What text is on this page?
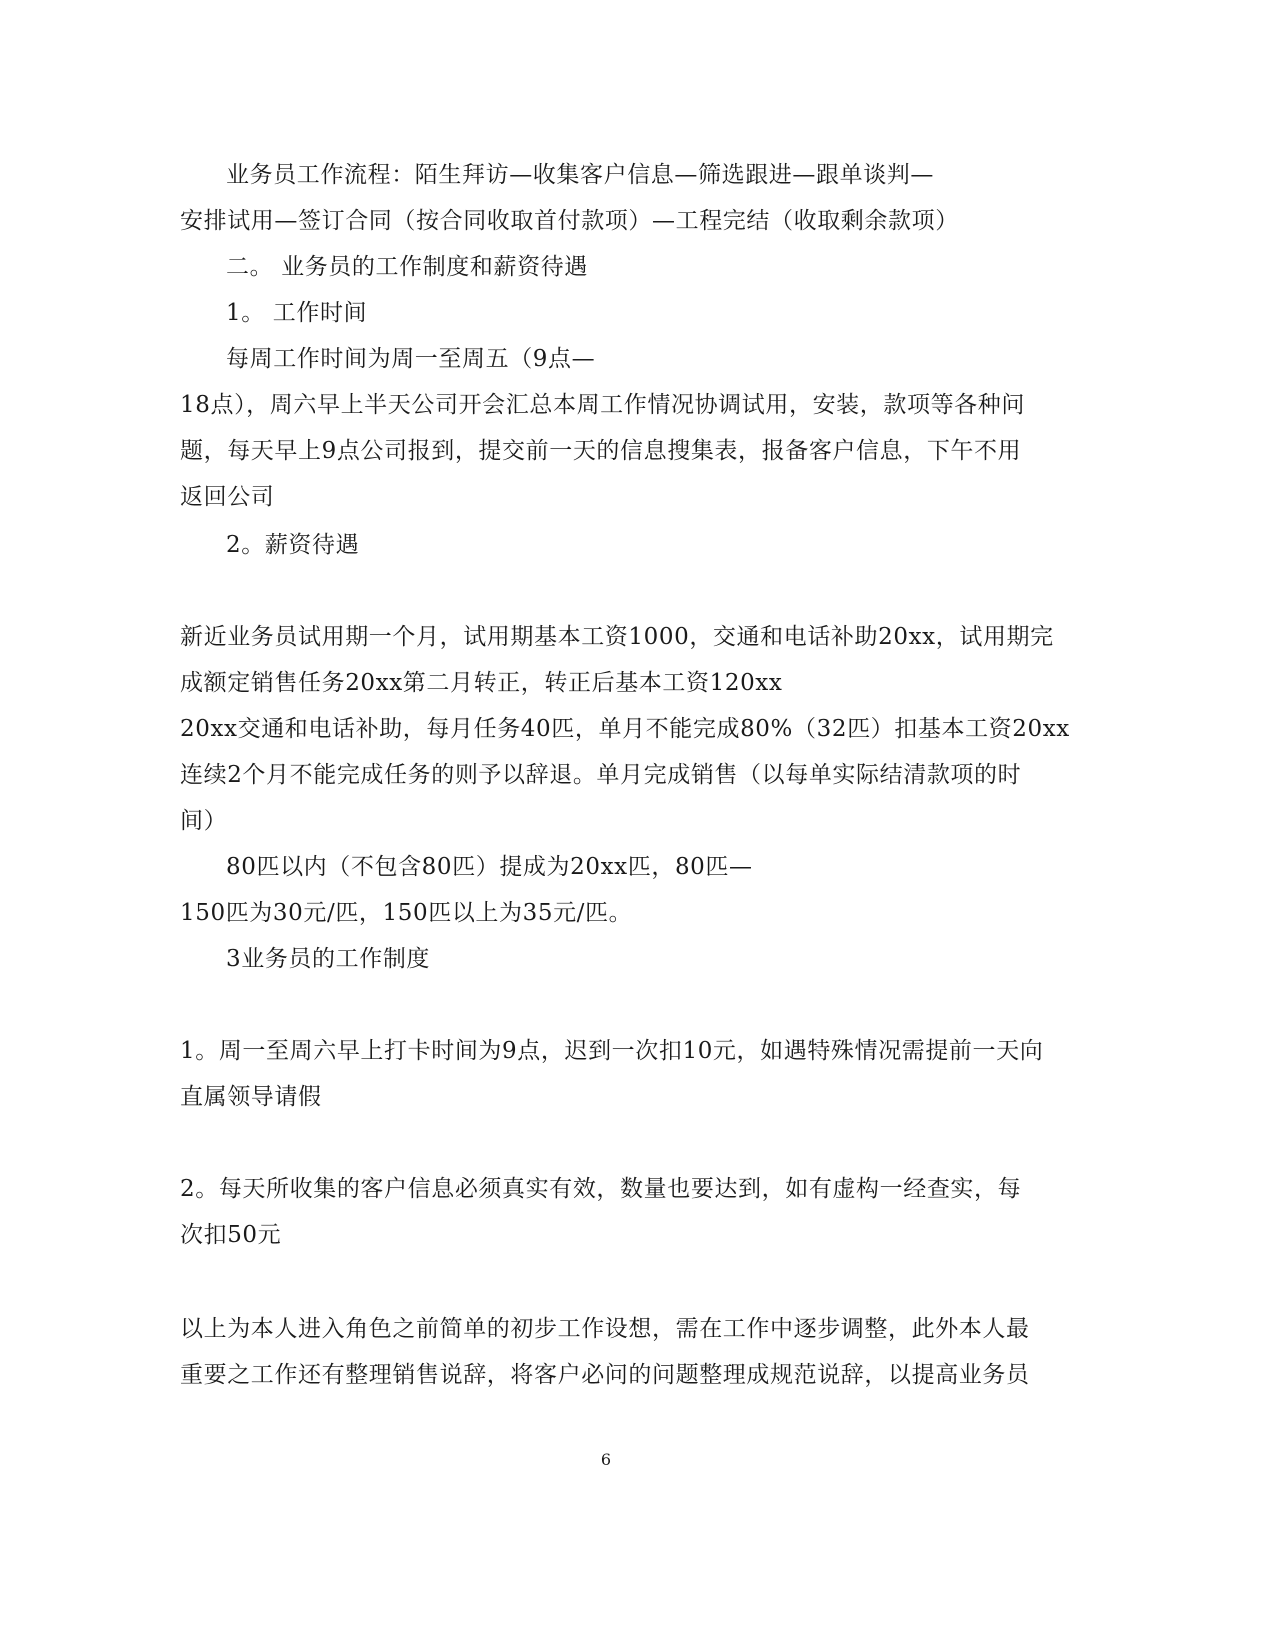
业务员工作流程：陌生拜访—收集客户信息—筛选跟进—跟单谈判—
安排试用—签订合同（按合同收取首付款项）—工程完结（收取剩余款项）
二。 业务员的工作制度和薪资待遇
1。 工作时间
每周工作时间为周一至周五（9点—
18点），周六早上半天公司开会汇总本周工作情况协调试用，安装，款项等各种问
题，每天早上9点公司报到，提交前一天的信息搜集表，报备客户信息，下午不用
返回公司
2。薪资待遇
新近业务员试用期一个月，试用期基本工资1000，交通和电话补助20xx，试用期完
成额定销售任务20xx第二月转正，转正后基本工资120xx
20xx交通和电话补助，每月任务40匹，单月不能完成80%（32匹）扣基本工资20xx
连续2个月不能完成任务的则予以辞退。单月完成销售（以每单实际结清款项的时
间）
80匹以内（不包含80匹）提成为20xx匹，80匹—
150匹为30元/匹，150匹以上为35元/匹。
3业务员的工作制度
1。周一至周六早上打卡时间为9点，迟到一次扣10元，如遇特殊情况需提前一天向
直属领导请假
2。每天所收集的客户信息必须真实有效，数量也要达到，如有虚构一经查实，每
次扣50元
以上为本人进入角色之前简单的初步工作设想，需在工作中逐步调整，此外本人最
重要之工作还有整理销售说辞，将客户必问的问题整理成规范说辞，以提高业务员
6
